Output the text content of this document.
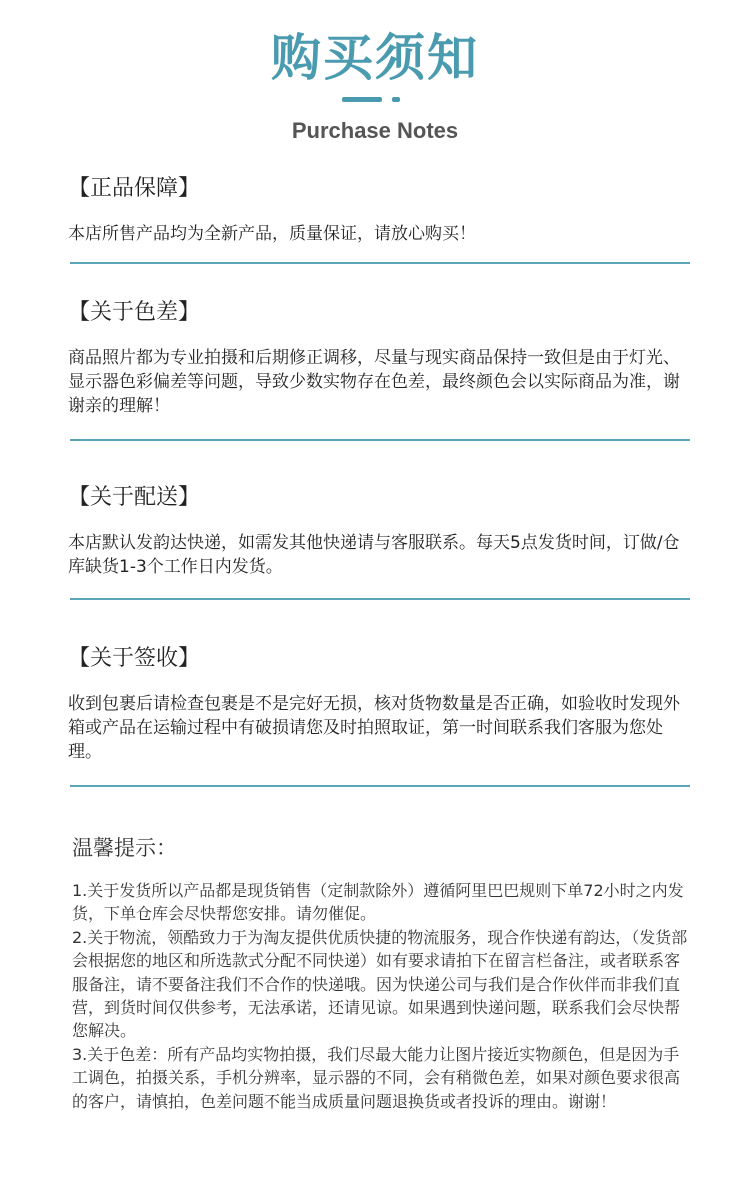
购买须知
Purchase Notes
【正品保障】
本店所售产品均为全新产品，质量保证，请放心购买！
【关于色差】
商品照片都为专业拍摄和后期修正调移，尽量与现实商品保持一致但是由于灯光、显示器色彩偏差等问题，导致少数实物存在色差，最终颜色会以实际商品为准，谢谢亲的理解！
【关于配送】
本店默认发韵达快递，如需发其他快递请与客服联系。每天5点发货时间，订做/仓库缺货1-3个工作日内发货。
【关于签收】
收到包裹后请检查包裹是不是完好无损，核对货物数量是否正确，如验收时发现外箱或产品在运输过程中有破损请您及时拍照取证，第一时间联系我们客服为您处理。
温馨提示：

1.关于发货所以产品都是现货销售（定制款除外）遵循阿里巴巴规则下单72小时之内发货，下单仓库会尽快帮您安排。请勿催促。

2.关于物流，领酷致力于为淘友提供优质快捷的物流服务，现合作快递有韵达，（发货部会根据您的地区和所选款式分配不同快递）如有要求请拍下在留言栏备注，或者联系客服备注，请不要备注我们不合作的快递哦。因为快递公司与我们是合作伙伴而非我们直营，到货时间仅供参考，无法承诺，还请见谅。如果遇到快递问题，联系我们会尽快帮您解决。

3.关于色差：所有产品均实物拍摄，我们尽最大能力让图片接近实物颜色，但是因为手工调色，拍摄关系，手机分辨率，显示器的不同，会有稍微色差，如果对颜色要求很高的客户，请慎拍，色差问题不能当成质量问题退换货或者投诉的理由。谢谢！
